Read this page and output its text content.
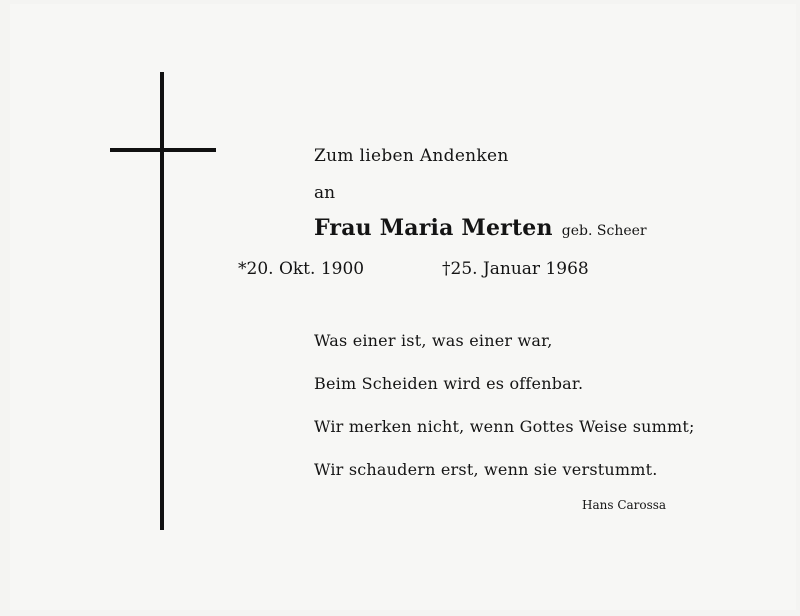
Zum lieben Andenken
an
Frau Maria Merten geb. Scheer
*20. Okt. 1900	†25. Januar 1968
Was einer ist, was einer war,
Beim Scheiden wird es offenbar.
Wir merken nicht, wenn Gottes Weise summt;
Wir schaudern erst, wenn sie verstummt.
Hans Carossa
